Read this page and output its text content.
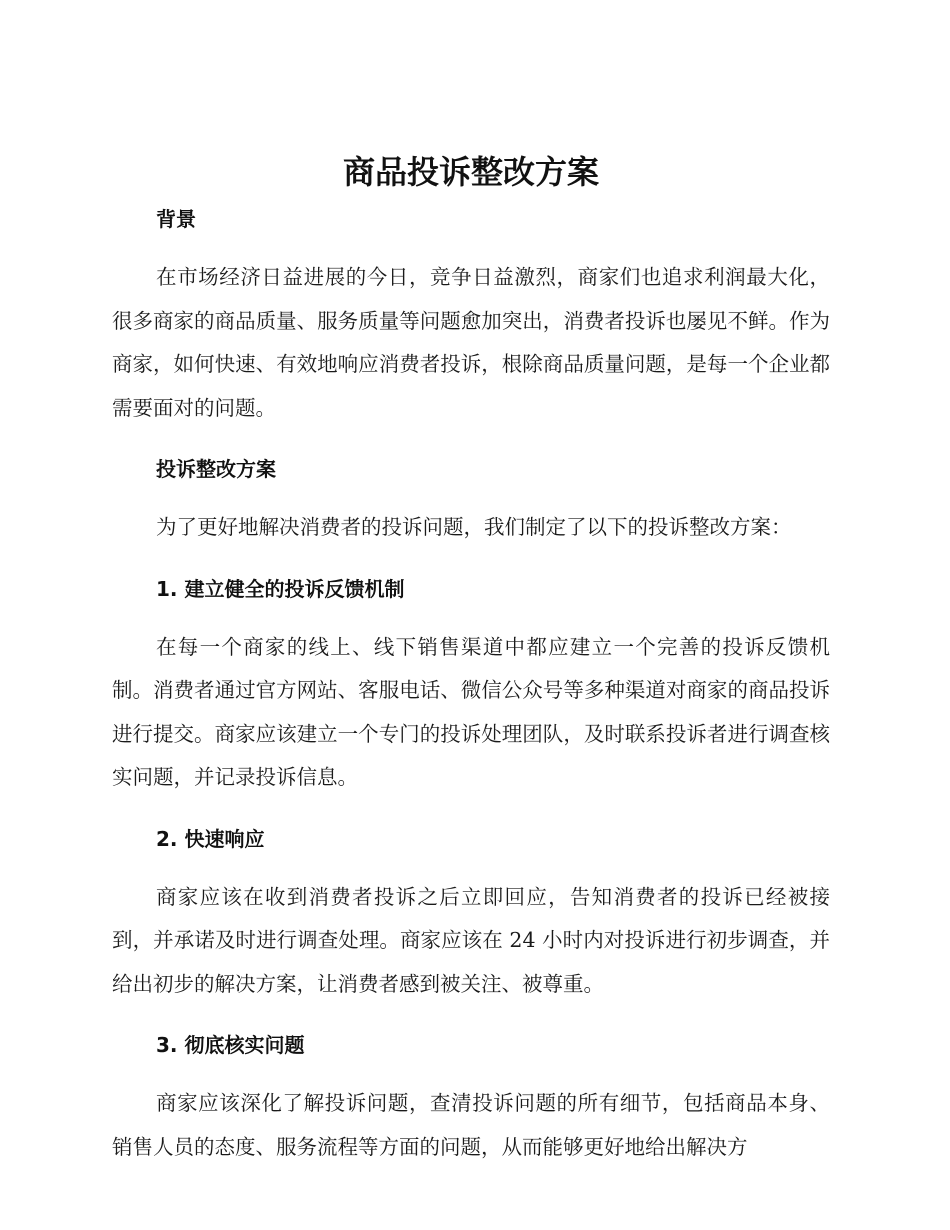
商品投诉整改方案
背景

在市场经济日益进展的今日，竞争日益激烈，商家们也追求利润最大化，很多商家的商品质量、服务质量等问题愈加突出，消费者投诉也屡见不鲜。作为商家，如何快速、有效地响应消费者投诉，根除商品质量问题，是每一个企业都需要面对的问题。

投诉整改方案

为了更好地解决消费者的投诉问题，我们制定了以下的投诉整改方案：

1. 建立健全的投诉反馈机制

在每一个商家的线上、线下销售渠道中都应建立一个完善的投诉反馈机制。消费者通过官方网站、客服电话、微信公众号等多种渠道对商家的商品投诉进行提交。商家应该建立一个专门的投诉处理团队，及时联系投诉者进行调查核实问题，并记录投诉信息。

2. 快速响应

商家应该在收到消费者投诉之后立即回应，告知消费者的投诉已经被接到，并承诺及时进行调查处理。商家应该在 24 小时内对投诉进行初步调查，并给出初步的解决方案，让消费者感到被关注、被尊重。

3. 彻底核实问题

商家应该深化了解投诉问题，查清投诉问题的所有细节，包括商品本身、销售人员的态度、服务流程等方面的问题，从而能够更好地给出解决方
